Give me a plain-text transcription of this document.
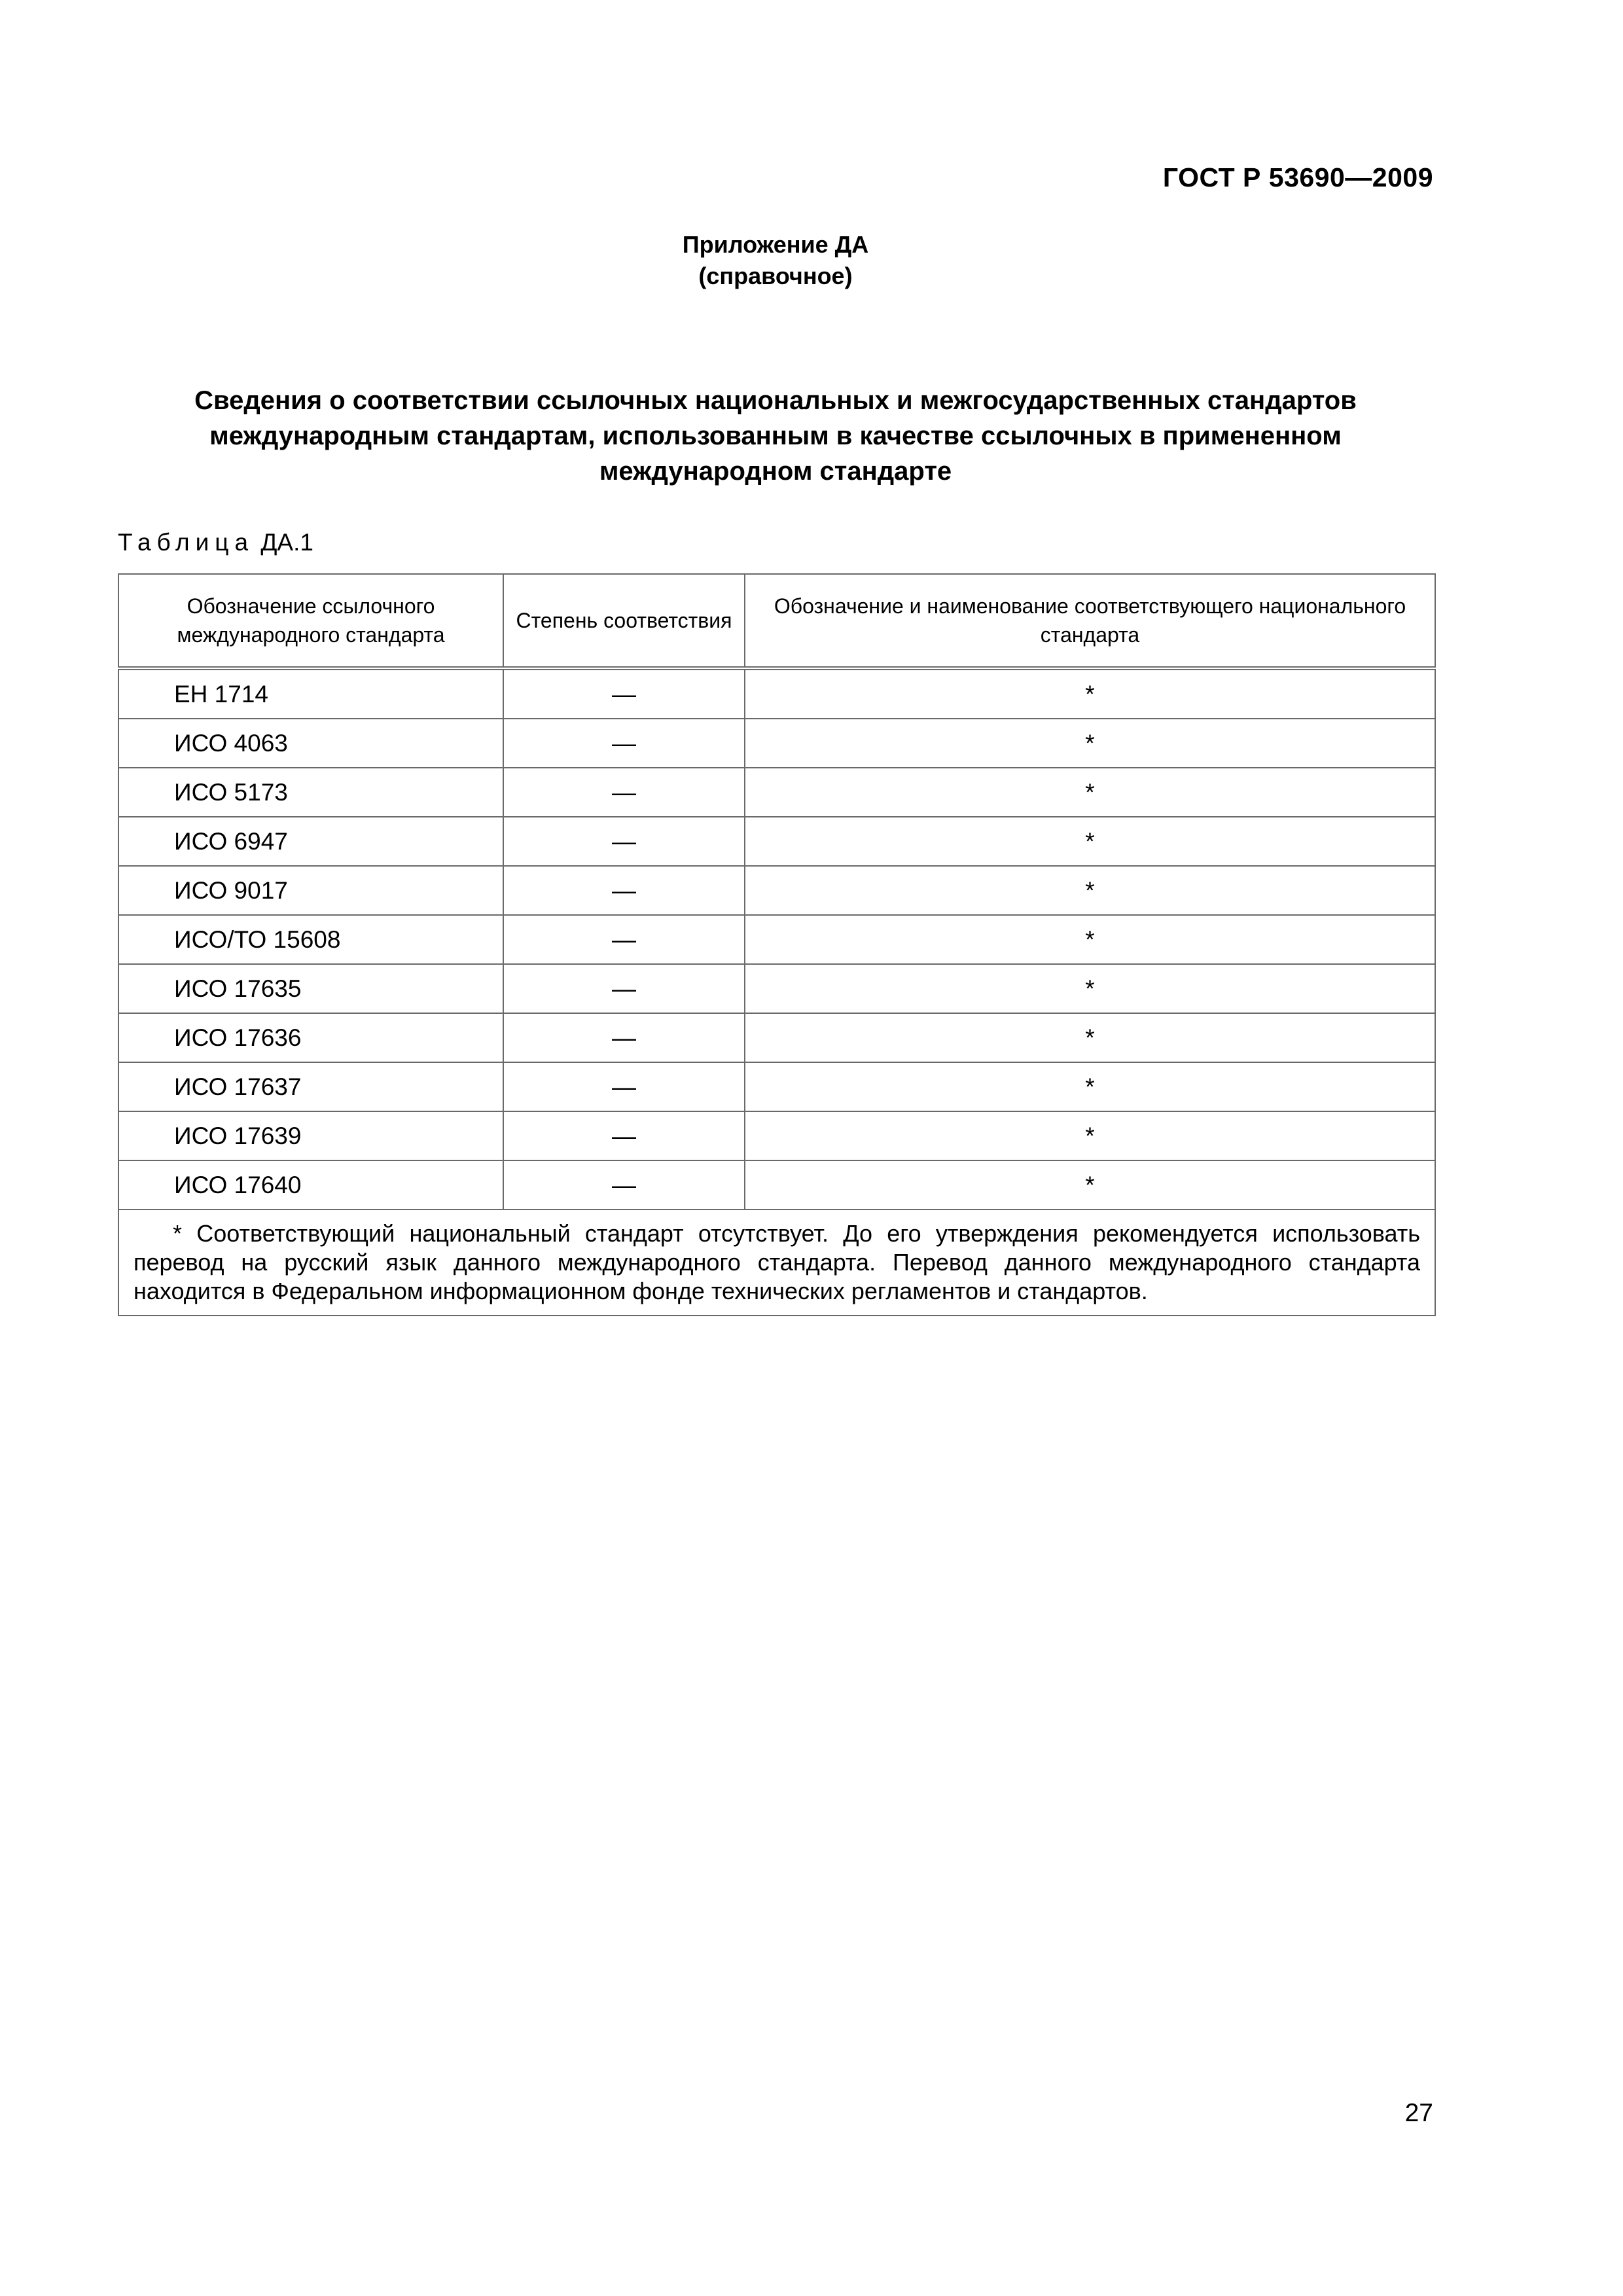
ГОСТ Р 53690—2009
Приложение ДА
(справочное)
Сведения о соответствии ссылочных национальных и межгосударственных стандартов
международным стандартам, использованным в качестве ссылочных в примененном
международном стандарте
Таблица ДА.1
Обозначение ссылочного международного стандарта	Степень соответствия	Обозначение и наименование соответствующего национального стандарта
ЕН 1714	—	*
ИСО 4063	—	*
ИСО 5173	—	*
ИСО 6947	—	*
ИСО 9017	—	*
ИСО/ТО 15608	—	*
ИСО 17635	—	*
ИСО 17636	—	*
ИСО 17637	—	*
ИСО 17639	—	*
ИСО 17640	—	*
* Соответствующий национальный стандарт отсутствует. До его утверждения рекомендуется использовать перевод на русский язык данного международного стандарта. Перевод данного международного стандарта находится в Федеральном информационном фонде технических регламентов и стандартов.		
27
